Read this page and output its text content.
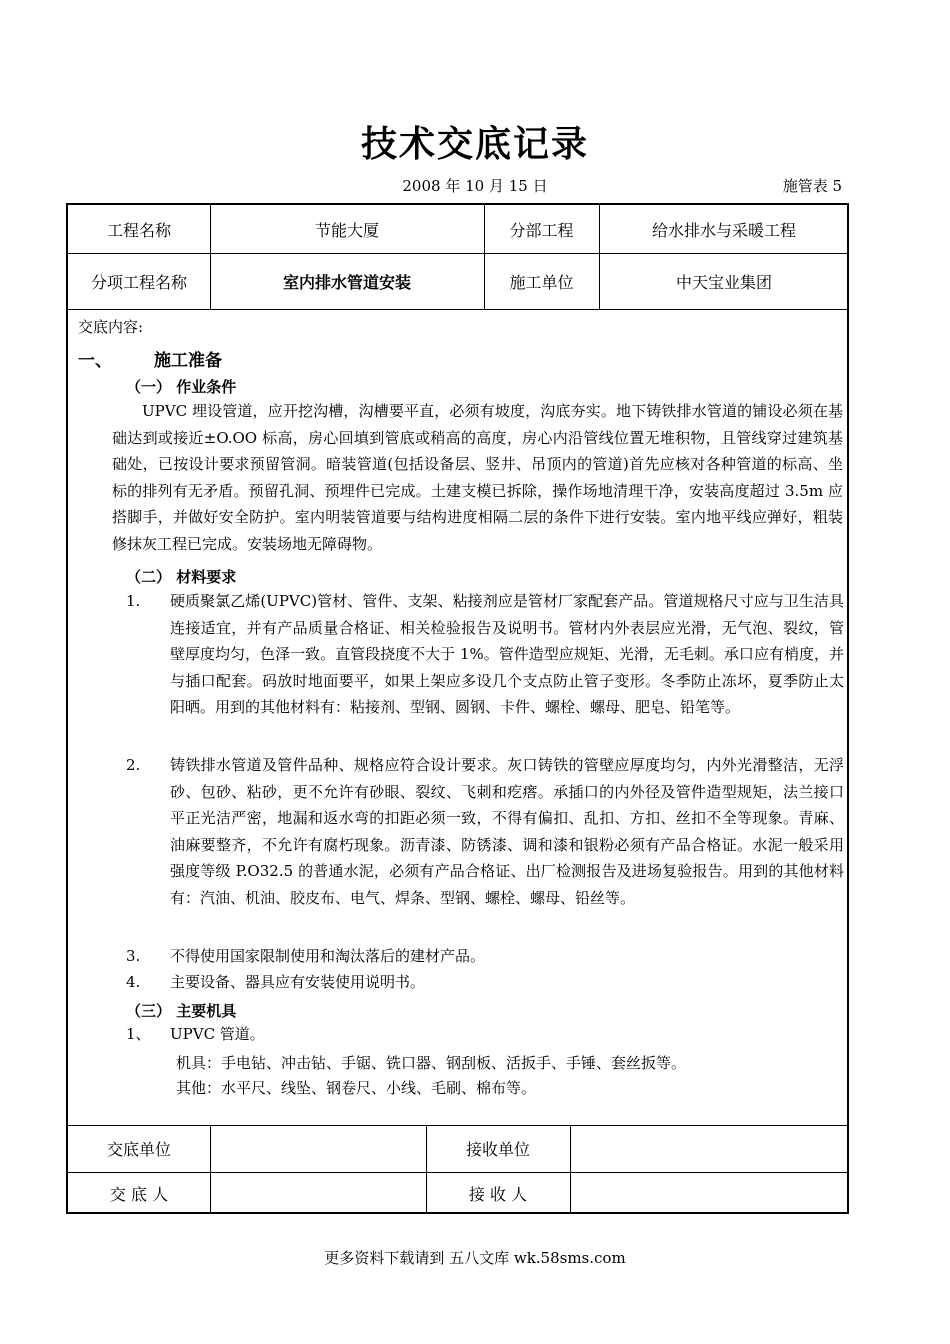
技术交底记录
2008 年 10 月 15 日	施管表 5
工程名称	节能大厦	分部工程	给水排水与采暖工程
分项工程名称	室内排水管道安装	施工单位	中天宝业集团
交底内容:
一、 施工准备
（一） 作业条件
UPVC 埋设管道，应开挖沟槽，沟槽要平直，必须有坡度，沟底夯实。地下铸铁排水管道的铺设必须在基础达到或接近±O.OO 标高，房心回填到管底或稍高的高度，房心内沿管线位置无堆积物，且管线穿过建筑基础处，已按设计要求预留管洞。暗装管道(包括设备层、竖井、吊顶内的管道)首先应核对各种管道的标高、坐标的排列有无矛盾。预留孔洞、预埋件已完成。土建支模已拆除，操作场地清理干净，安装高度超过 3.5m 应搭脚手，并做好安全防护。室内明装管道要与结构进度相隔二层的条件下进行安装。室内地平线应弹好，粗装修抹灰工程已完成。安装场地无障碍物。
（二） 材料要求
1. 硬质聚氯乙烯(UPVC)管材、管件、支架、粘接剂应是管材厂家配套产品。管道规格尺寸应与卫生洁具连接适宜，并有产品质量合格证、相关检验报告及说明书。管材内外表层应光滑，无气泡、裂纹，管壁厚度均匀，色泽一致。直管段挠度不大于 1%。管件造型应规矩、光滑，无毛刺。承口应有梢度，并与插口配套。码放时地面要平，如果上架应多设几个支点防止管子变形。冬季防止冻坏，夏季防止太阳晒。用到的其他材料有：粘接剂、型钢、圆钢、卡件、螺栓、螺母、肥皂、铅笔等。
2. 铸铁排水管道及管件品种、规格应符合设计要求。灰口铸铁的管壁应厚度均匀，内外光滑整洁，无浮砂、包砂、粘砂，更不允许有砂眼、裂纹、飞刺和疙瘩。承插口的内外径及管件造型规矩，法兰接口平正光洁严密，地漏和返水弯的扣距必须一致，不得有偏扣、乱扣、方扣、丝扣不全等现象。青麻、油麻要整齐，不允许有腐朽现象。沥青漆、防锈漆、调和漆和银粉必须有产品合格证。水泥一般采用强度等级 P.O32.5 的普通水泥，必须有产品合格证、出厂检测报告及进场复验报告。用到的其他材料有：汽油、机油、胶皮布、电气、焊条、型钢、螺栓、螺母、铅丝等。
3. 不得使用国家限制使用和淘汰落后的建材产品。
4. 主要设备、器具应有安装使用说明书。
（三） 主要机具
1、 UPVC 管道。
机具：手电钻、冲击钻、手锯、铣口器、钢刮板、活扳手、手锤、套丝扳等。
其他：水平尺、线坠、钢卷尺、小线、毛刷、棉布等。
交底单位	接收单位
交 底 人	接 收 人
更多资料下载请到 五八文库 wk.58sms.com
